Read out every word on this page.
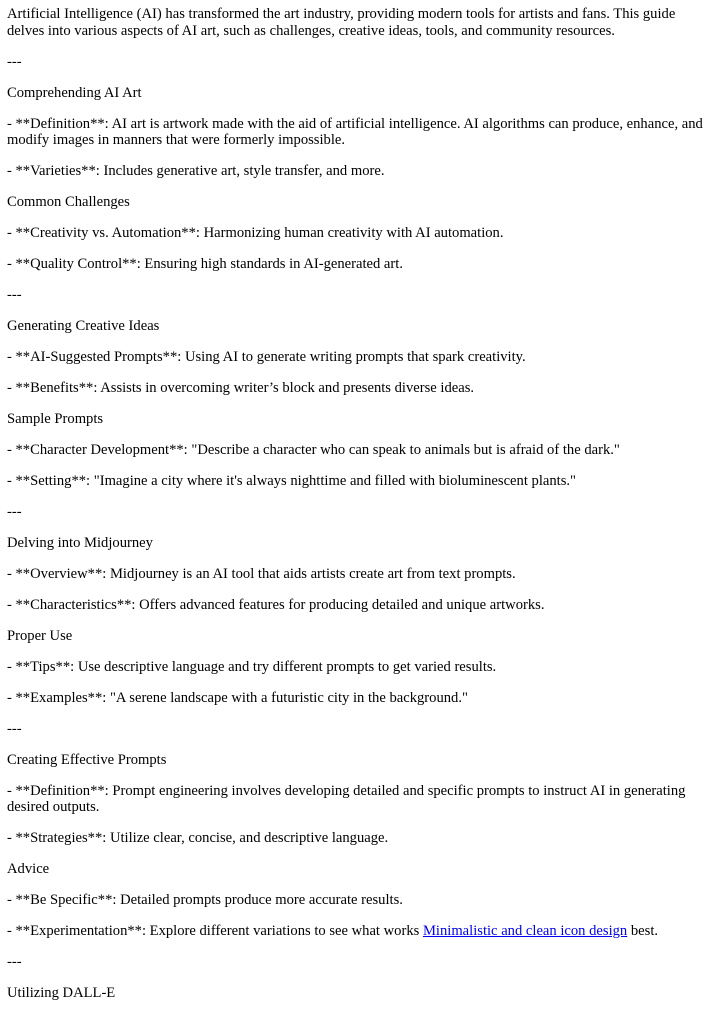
Artificial Intelligence (AI) has transformed the art industry, providing modern tools for artists and fans. This guide delves into various aspects of AI art, such as challenges, creative ideas, tools, and community resources.

---

Comprehending AI Art

- **Definition**: AI art is artwork made with the aid of artificial intelligence. AI algorithms can produce, enhance, and modify images in manners that were formerly impossible.

- **Varieties**: Includes generative art, style transfer, and more.

Common Challenges

- **Creativity vs. Automation**: Harmonizing human creativity with AI automation.

- **Quality Control**: Ensuring high standards in AI-generated art.

---

Generating Creative Ideas

- **AI-Suggested Prompts**: Using AI to generate writing prompts that spark creativity.

- **Benefits**: Assists in overcoming writer’s block and presents diverse ideas.

Sample Prompts

- **Character Development**: "Describe a character who can speak to animals but is afraid of the dark."

- **Setting**: "Imagine a city where it's always nighttime and filled with bioluminescent plants."

---

Delving into Midjourney

- **Overview**: Midjourney is an AI tool that aids artists create art from text prompts.

- **Characteristics**: Offers advanced features for producing detailed and unique artworks.

Proper Use

- **Tips**: Use descriptive language and try different prompts to get varied results.

- **Examples**: "A serene landscape with a futuristic city in the background."

---

Creating Effective Prompts

- **Definition**: Prompt engineering involves developing detailed and specific prompts to instruct AI in generating desired outputs.

- **Strategies**: Utilize clear, concise, and descriptive language.

Advice

- **Be Specific**: Detailed prompts produce more accurate results.

- **Experimentation**: Explore different variations to see what works Minimalistic and clean icon design best.

---

Utilizing DALL-E
